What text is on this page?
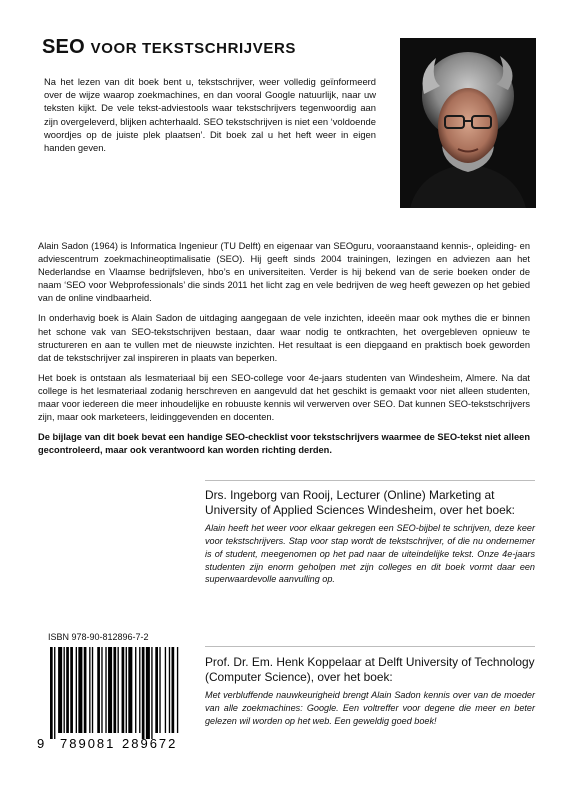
SEO VOOR TEKSTSCHRIJVERS
Na het lezen van dit boek bent u, tekstschrijver, weer volledig geïnformeerd over de wijze waarop zoekmachines, en dan vooral Google natuurlijk, naar uw teksten kijkt. De vele tekst-adviestools waar tekstschrijvers tegenwoordig aan zijn overgeleverd, blijken achterhaald. SEO tekstschrijven is niet een ‘voldoende woordjes op de juiste plek plaatsen’. Dit boek zal u het heft weer in eigen handen geven.

Alain Sadon (1964) is Informatica Ingenieur (TU Delft) en eigenaar van SEOguru, vooraanstaand kennis-, opleiding- en adviescentrum zoekmachineoptimalisatie (SEO). Hij geeft sinds 2004 trainingen, lezingen en adviezen aan het Nederlandse en Vlaamse bedrijfsleven, hbo’s en universiteiten. Verder is hij bekend van de serie boeken onder de naam ‘SEO voor Webprofessionals’ die sinds 2011 het licht zag en vele bedrijven de weg heeft gewezen op het gebied van de online vindbaarheid.

In onderhavig boek is Alain Sadon de uitdaging aangegaan de vele inzichten, ideeën maar ook mythes die er binnen het schone vak van SEO-tekstschrijven bestaan, daar waar nodig te ontkrachten, het overgebleven opnieuw te structureren en aan te vullen met de nieuwste inzichten. Het resultaat is een diepgaand en praktisch boek geworden dat de tekstschrijver zal inspireren in plaats van beperken.

Het boek is ontstaan als lesmateriaal bij een SEO-college voor 4e-jaars studenten van Windesheim, Almere. Na dat college is het lesmateriaal zodanig herschreven en aangevuld dat het geschikt is gemaakt voor niet alleen studenten, maar voor iedereen die meer inhoudelijke en robuuste kennis wil verwerven over SEO. Dat kunnen SEO-tekstschrijvers zijn, maar ook marketeers, leidinggevenden en docenten.

De bijlage van dit boek bevat een handige SEO-checklist voor tekstschrijvers waarmee de SEO-tekst niet alleen gecontroleerd, maar ook verantwoord kan worden richting derden.

Drs. Ingeborg van Rooij, Lecturer (Online) Marketing at University of Applied Sciences Windesheim, over het boek:
Alain heeft het weer voor elkaar gekregen een SEO-bijbel te schrijven, deze keer voor tekstschrijvers. Stap voor stap wordt de tekstschrijver, of die nu ondernemer is of student, meegenomen op het pad naar de uiteindelijke tekst. Onze 4e-jaars studenten zijn enorm geholpen met zijn colleges en dit boek vormt daar een superwaardevolle aanvulling op.
Prof. Dr. Em. Henk Koppelaar at Delft University of Technology (Computer Science), over het boek:
Met verbluffende nauwkeurigheid brengt Alain Sadon kennis over van de moeder van alle zoekmachines: Google. Een voltreffer voor degene die meer en beter gelezen wil worden op het web. Een geweldig goed boek!
ISBN 978-90-812896-7-2
9 789081 289672
